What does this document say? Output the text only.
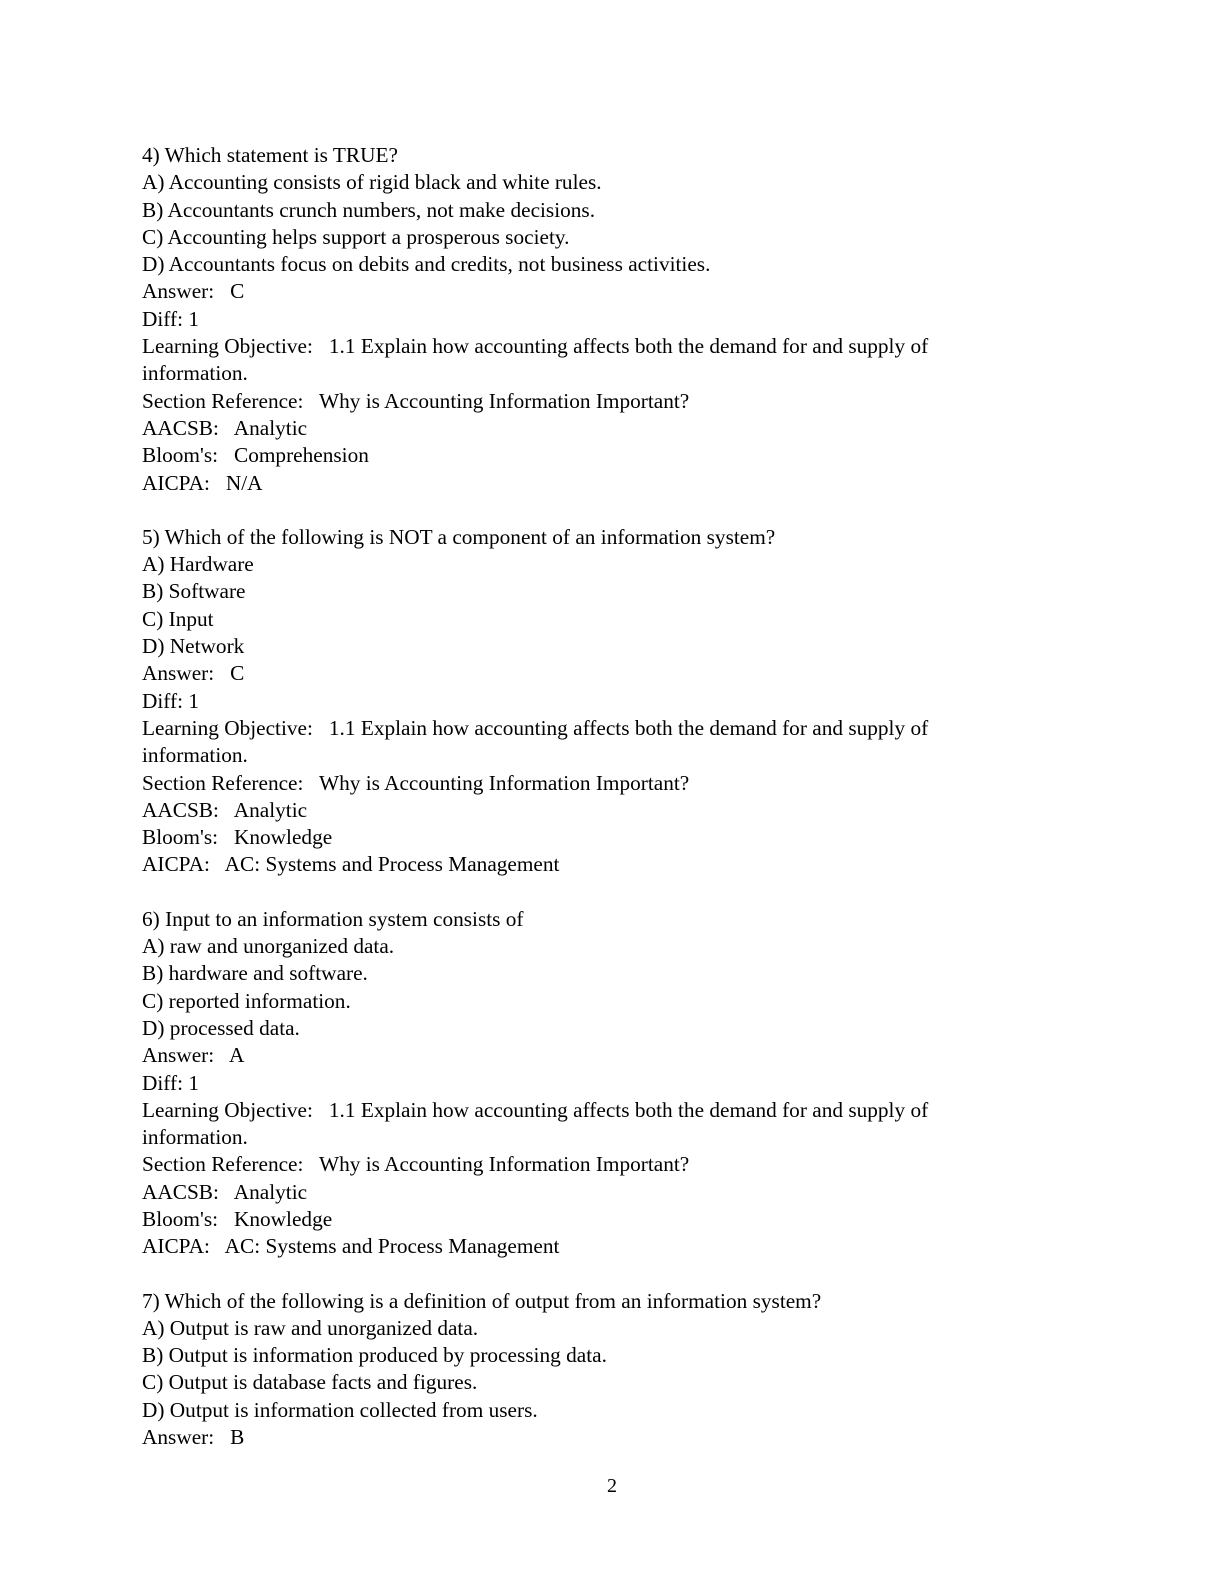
4) Which statement is TRUE?

A) Accounting consists of rigid black and white rules.

B) Accountants crunch numbers, not make decisions.

C) Accounting helps support a prosperous society.

D) Accountants focus on debits and credits, not business activities.

Answer:   C

Diff: 1

Learning Objective:   1.1 Explain how accounting affects both the demand for and supply of

information.

Section Reference:   Why is Accounting Information Important?

AACSB:   Analytic

Bloom's:   Comprehension

AICPA:   N/A

5) Which of the following is NOT a component of an information system?

A) Hardware

B) Software

C) Input

D) Network

Answer:   C

Diff: 1

Learning Objective:   1.1 Explain how accounting affects both the demand for and supply of

information.

Section Reference:   Why is Accounting Information Important?

AACSB:   Analytic

Bloom's:   Knowledge

AICPA:   AC: Systems and Process Management

6) Input to an information system consists of

A) raw and unorganized data.

B) hardware and software.

C) reported information.

D) processed data.

Answer:   A

Diff: 1

Learning Objective:   1.1 Explain how accounting affects both the demand for and supply of

information.

Section Reference:   Why is Accounting Information Important?

AACSB:   Analytic

Bloom's:   Knowledge

AICPA:   AC: Systems and Process Management

7) Which of the following is a definition of output from an information system?

A) Output is raw and unorganized data.

B) Output is information produced by processing data.

C) Output is database facts and figures.

D) Output is information collected from users.

Answer:   B

2
